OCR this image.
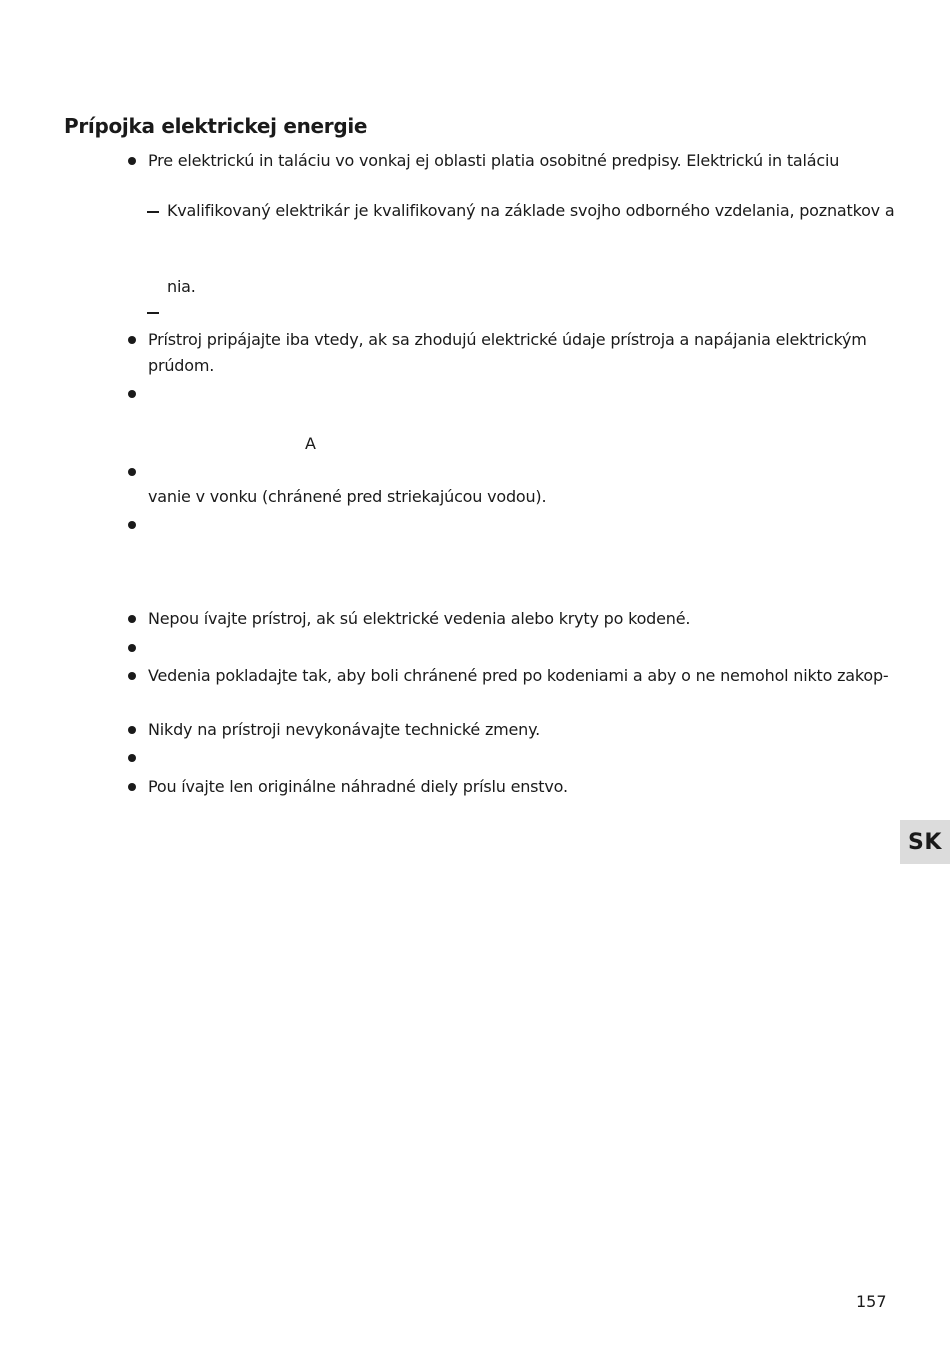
Prípojka elektrickej energie
Pre elektrickú in taláciu vo vonkaj ej oblasti platia osobitné predpisy. Elektrickú in taláciu
Kvalifikovaný elektrikár je kvalifikovaný na základe svojho odborného vzdelania, poznatkov a
nia.
Prístroj pripájajte iba vtedy, ak sa zhodujú elektrické údaje prístroja a napájania elektrickým
prúdom.
A
vanie v vonku (chránené pred striekajúcou vodou).
Nepou ívajte prístroj, ak sú elektrické vedenia alebo kryty po kodené.
Vedenia pokladajte tak, aby boli chránené pred po kodeniami a aby o ne nemohol nikto zakop-
Nikdy na prístroji nevykonávajte technické zmeny.
Pou ívajte len originálne náhradné diely príslu enstvo.
SK
157
